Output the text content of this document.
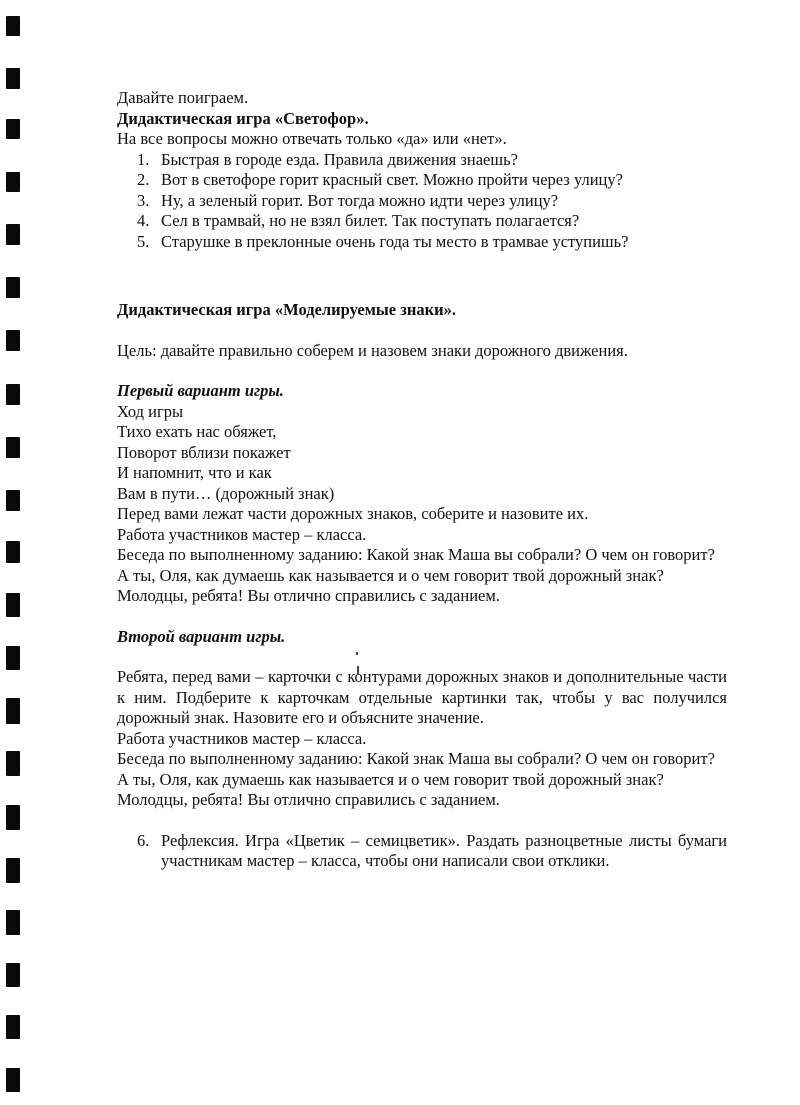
Давайте поиграем.
Дидактическая игра «Светофор».
На все вопросы можно отвечать только «да» или «нет».
1. Быстрая в городе езда. Правила движения знаешь?
2. Вот в светофоре горит красный свет. Можно пройти через улицу?
3. Ну, а зеленый горит. Вот тогда можно идти через улицу?
4. Сел в трамвай, но не взял билет. Так поступать полагается?
5. Старушке в преклонные очень года ты место в трамвае уступишь?
Дидактическая игра «Моделируемые знаки».
Цель: давайте правильно соберем и назовем знаки дорожного движения.
Первый вариант игры.
Ход игры
Тихо ехать нас обяжет,
Поворот вблизи покажет
И напомнит, что и как
Вам в пути… (дорожный знак)
Перед вами лежат части дорожных знаков, соберите и назовите их.
Работа участников мастер – класса.
Беседа по выполненному заданию: Какой знак Маша вы собрали? О чем он говорит?
А ты, Оля, как думаешь как называется и о чем говорит твой дорожный знак?
Молодцы, ребята! Вы отлично справились с заданием.
Второй вариант игры.
Ребята, перед вами – карточки с контурами дорожных знаков и дополнительные части к ним. Подберите к карточкам отдельные картинки так, чтобы у вас получился дорожный знак. Назовите его и объясните значение.
Работа участников мастер – класса.
Беседа по выполненному заданию: Какой знак Маша вы собрали? О чем он говорит?
А ты, Оля, как думаешь как называется и о чем говорит твой дорожный знак?
Молодцы, ребята! Вы отлично справились с заданием.
6. Рефлексия. Игра «Цветик – семицветик». Раздать разноцветные листы бумаги участникам мастер – класса, чтобы они написали свои отклики.
